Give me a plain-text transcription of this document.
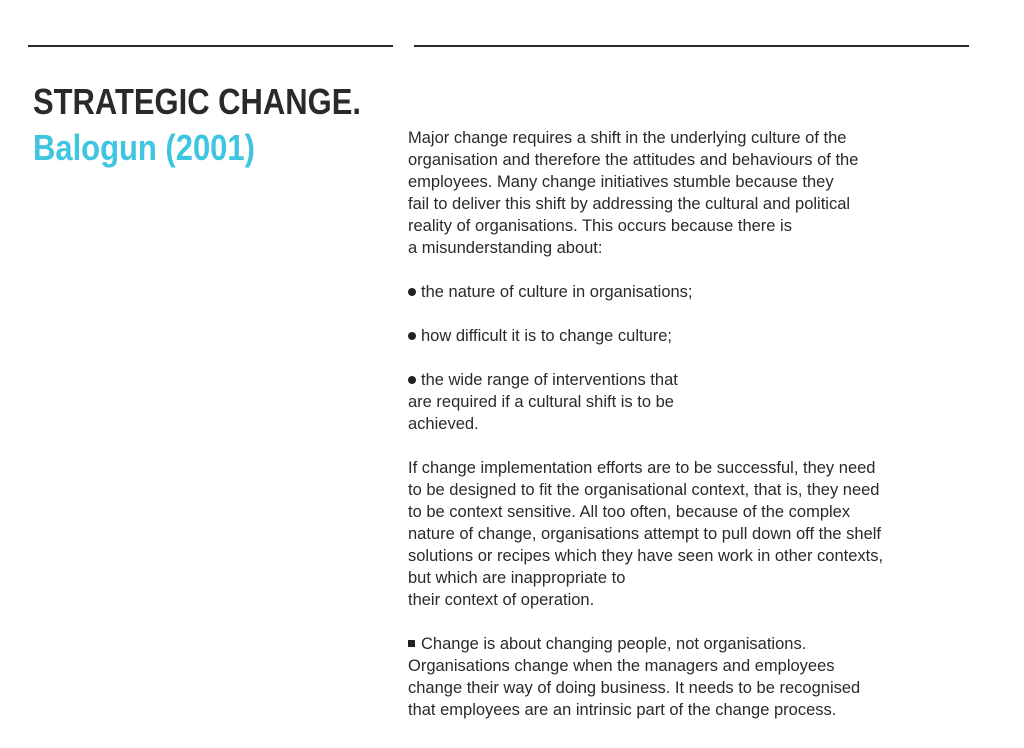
STRATEGIC CHANGE.
Balogun (2001)	Major change requires a shift in the underlying culture of the
organisation and therefore the attitudes and behaviours of the
employees. Many change initiatives stumble because they
fail to deliver this shift by addressing the cultural and political
reality of organisations. This occurs because there is
a misunderstanding about:

the nature of culture in organisations;

how difficult it is to change culture;

the wide range of interventions that
are required if a cultural shift is to be
achieved.

If change implementation efforts are to be successful, they need
to be designed to fit the organisational context, that is, they need
to be context sensitive. All too often, because of the complex
nature of change, organisations attempt to pull down off the shelf
solutions or recipes which they have seen work in other contexts,
but which are inappropriate to
their context of operation.

Change is about changing people, not organisations.
Organisations change when the managers and employees
change their way of doing business. It needs to be recognised
that employees are an intrinsic part of the change process.
